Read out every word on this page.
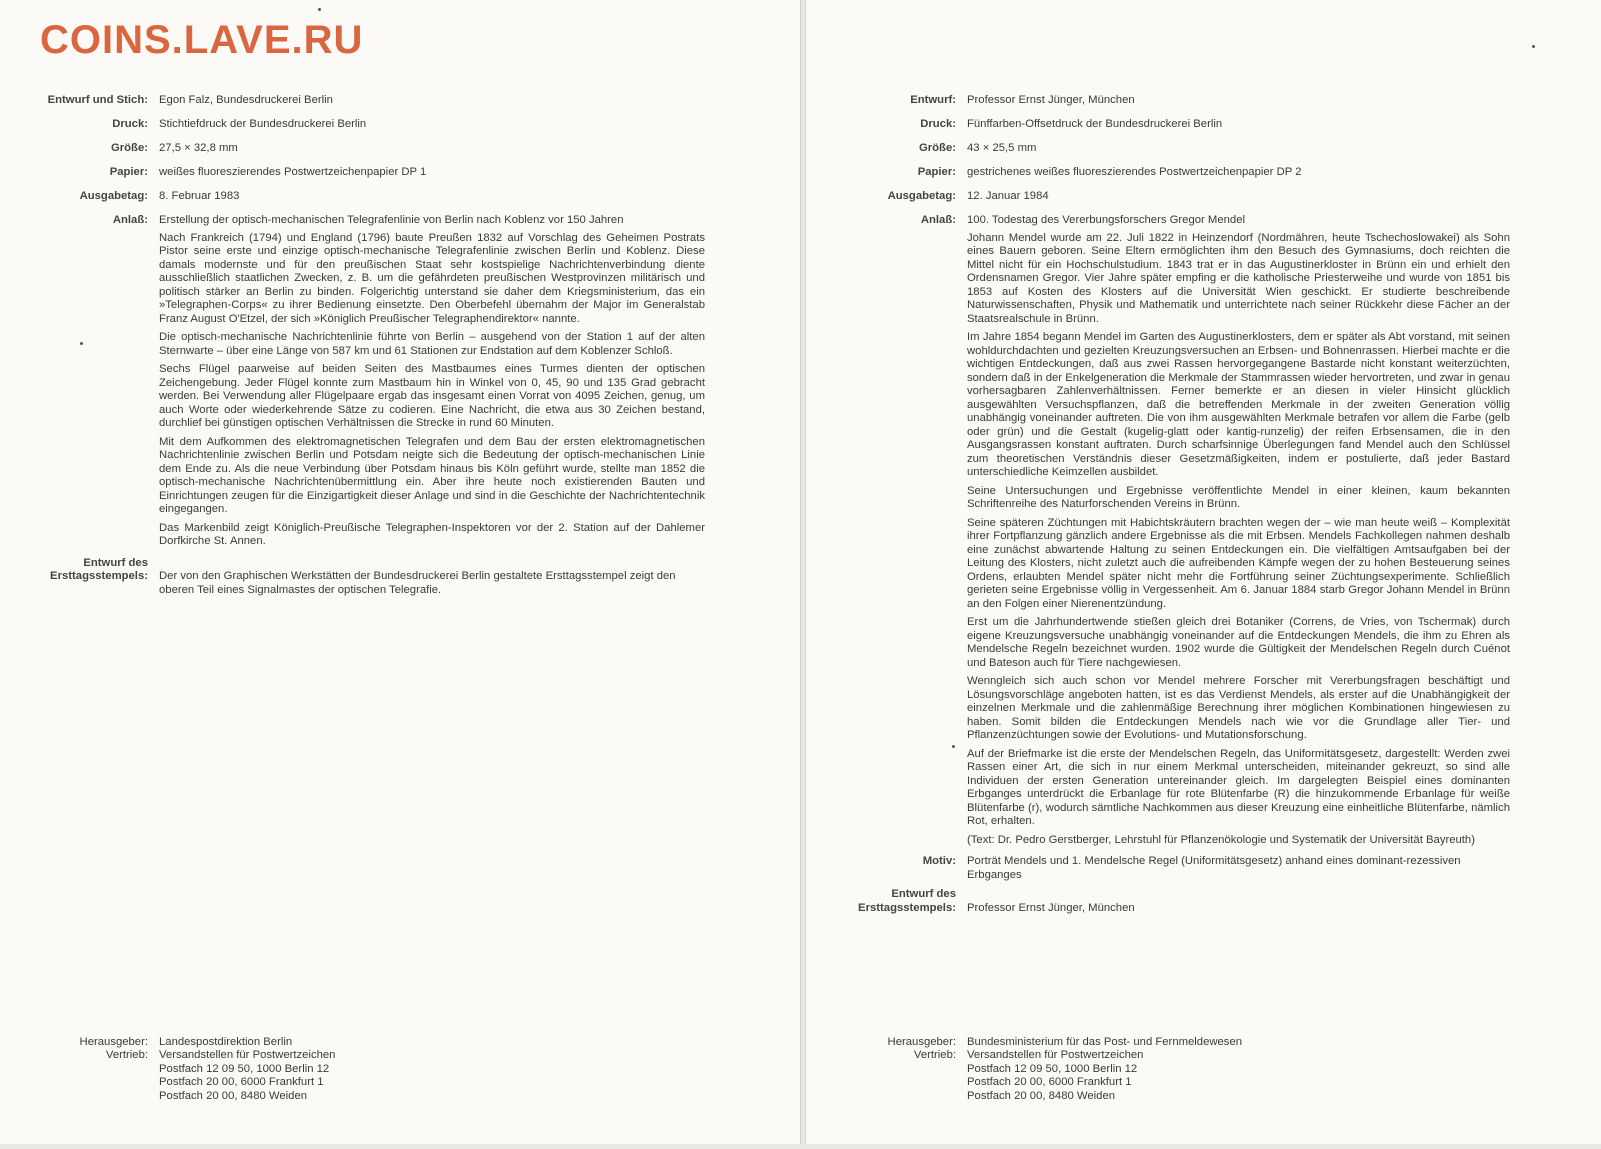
COINS.LAVE.RU
Entwurf und Stich: Egon Falz, Bundesdruckerei Berlin
Druck: Stichtiefdruck der Bundesdruckerei Berlin
Größe: 27,5 × 32,8 mm
Papier: weißes fluoreszierendes Postwertzeichenpapier DP 1
Ausgabetag: 8. Februar 1983
Anlaß: Erstellung der optisch-mechanischen Telegrafenlinie von Berlin nach Koblenz vor 150 Jahren

Nach Frankreich (1794) und England (1796) baute Preußen 1832 auf Vorschlag des Geheimen Postrats Pistor seine erste und einzige optisch-mechanische Telegrafenlinie zwischen Berlin und Koblenz. Diese damals modernste und für den preußischen Staat sehr kostspielige Nachrichtenverbindung diente ausschließlich staatlichen Zwecken, z. B. um die gefährdeten preußischen Westprovinzen militärisch und politisch stärker an Berlin zu binden. Folgerichtig unterstand sie daher dem Kriegsministerium, das ein »Telegraphen-Corps« zu ihrer Bedienung einsetzte. Den Oberbefehl übernahm der Major im Generalstab Franz August O'Etzel, der sich »Königlich Preußischer Telegraphendirektor« nannte.

Die optisch-mechanische Nachrichtenlinie führte von Berlin – ausgehend von der Station 1 auf der alten Sternwarte – über eine Länge von 587 km und 61 Stationen zur Endstation auf dem Koblenzer Schloß.

Sechs Flügel paarweise auf beiden Seiten des Mastbaumes eines Turmes dienten der optischen Zeichengebung. Jeder Flügel konnte zum Mastbaum hin in Winkel von 0, 45, 90 und 135 Grad gebracht werden. Bei Verwendung aller Flügelpaare ergab das insgesamt einen Vorrat von 4095 Zeichen, genug, um auch Worte oder wiederkehrende Sätze zu codieren. Eine Nachricht, die etwa aus 30 Zeichen bestand, durchlief bei günstigen optischen Verhältnissen die Strecke in rund 60 Minuten.

Mit dem Aufkommen des elektromagnetischen Telegrafen und dem Bau der ersten elektromagnetischen Nachrichtenlinie zwischen Berlin und Potsdam neigte sich die Bedeutung der optisch-mechanischen Linie dem Ende zu. Als die neue Verbindung über Potsdam hinaus bis Köln geführt wurde, stellte man 1852 die optisch-mechanische Nachrichtenübermittlung ein. Aber ihre heute noch existierenden Bauten und Einrichtungen zeugen für die Einzigartigkeit dieser Anlage und sind in die Geschichte der Nachrichtentechnik eingegangen.

Das Markenbild zeigt Königlich-Preußische Telegraphen-Inspektoren vor der 2. Station auf der Dahlemer Dorfkirche St. Annen.

Entwurf des
Ersttagsstempels: Der von den Graphischen Werkstätten der Bundesdruckerei Berlin gestaltete Ersttagsstempel zeigt den oberen Teil eines Signalmastes der optischen Telegrafie.
Herausgeber:
Vertrieb:
Landespostdirektion Berlin
Versandstellen für Postwertzeichen
Postfach 12 09 50, 1000 Berlin 12
Postfach 20 00, 6000 Frankfurt 1
Postfach 20 00, 8480 Weiden
Entwurf: Professor Ernst Jünger, München
Druck: Fünffarben-Offsetdruck der Bundesdruckerei Berlin
Größe: 43 × 25,5 mm
Papier: gestrichenes weißes fluoreszierendes Postwertzeichenpapier DP 2
Ausgabetag: 12. Januar 1984
Anlaß: 100. Todestag des Vererbungsforschers Gregor Mendel

Johann Mendel wurde am 22. Juli 1822 in Heinzendorf (Nordmähren, heute Tschechoslowakei) als Sohn eines Bauern geboren. Seine Eltern ermöglichten ihm den Besuch des Gymnasiums, doch reichten die Mittel nicht für ein Hochschulstudium. 1843 trat er in das Augustinerkloster in Brünn ein und erhielt den Ordensnamen Gregor. Vier Jahre später empfing er die katholische Priesterweihe und wurde von 1851 bis 1853 auf Kosten des Klosters auf die Universität Wien geschickt. Er studierte beschreibende Naturwissenschaften, Physik und Mathematik und unterrichtete nach seiner Rückkehr diese Fächer an der Staatsrealschule in Brünn.

Im Jahre 1854 begann Mendel im Garten des Augustinerklosters, dem er später als Abt vorstand, mit seinen wohldurchdachten und gezielten Kreuzungsversuchen an Erbsen- und Bohnenrassen. Hierbei machte er die wichtigen Entdeckungen, daß aus zwei Rassen hervorgegangene Bastarde nicht konstant weiterzüchten, sondern daß in der Enkelgeneration die Merkmale der Stammrassen wieder hervortreten, und zwar in genau vorhersagbaren Zahlenverhältnissen. Ferner bemerkte er an diesen in vieler Hinsicht glücklich ausgewählten Versuchspflanzen, daß die betreffenden Merkmale in der zweiten Generation völlig unabhängig voneinander auftreten. Die von ihm ausgewählten Merkmale betrafen vor allem die Farbe (gelb oder grün) und die Gestalt (kugelig-glatt oder kantig-runzelig) der reifen Erbsensamen, die in den Ausgangsrassen konstant auftraten. Durch scharfsinnige Überlegungen fand Mendel auch den Schlüssel zum theoretischen Verständnis dieser Gesetzmäßigkeiten, indem er postulierte, daß jeder Bastard unterschiedliche Keimzellen ausbildet.

Seine Untersuchungen und Ergebnisse veröffentlichte Mendel in einer kleinen, kaum bekannten Schriftenreihe des Naturforschenden Vereins in Brünn.

Seine späteren Züchtungen mit Habichtskräutern brachten wegen der – wie man heute weiß – Komplexität ihrer Fortpflanzung gänzlich andere Ergebnisse als die mit Erbsen. Mendels Fachkollegen nahmen deshalb eine zunächst abwartende Haltung zu seinen Entdeckungen ein. Die vielfältigen Amtsaufgaben bei der Leitung des Klosters, nicht zuletzt auch die aufreibenden Kämpfe wegen der zu hohen Besteuerung seines Ordens, erlaubten Mendel später nicht mehr die Fortführung seiner Züchtungsexperimente. Schließlich gerieten seine Ergebnisse völlig in Vergessenheit. Am 6. Januar 1884 starb Gregor Johann Mendel in Brünn an den Folgen einer Nierenentzündung.

Erst um die Jahrhundertwende stießen gleich drei Botaniker (Correns, de Vries, von Tschermak) durch eigene Kreuzungsversuche unabhängig voneinander auf die Entdeckungen Mendels, die ihm zu Ehren als Mendelsche Regeln bezeichnet wurden. 1902 wurde die Gültigkeit der Mendelschen Regeln durch Cuénot und Bateson auch für Tiere nachgewiesen.

Wenngleich sich auch schon vor Mendel mehrere Forscher mit Vererbungsfragen beschäftigt und Lösungsvorschläge angeboten hatten, ist es das Verdienst Mendels, als erster auf die Unabhängigkeit der einzelnen Merkmale und die zahlenmäßige Berechnung ihrer möglichen Kombinationen hingewiesen zu haben. Somit bilden die Entdeckungen Mendels nach wie vor die Grundlage aller Tier- und Pflanzenzüchtungen sowie der Evolutions- und Mutationsforschung.

Auf der Briefmarke ist die erste der Mendelschen Regeln, das Uniformitätsgesetz, dargestellt: Werden zwei Rassen einer Art, die sich in nur einem Merkmal unterscheiden, miteinander gekreuzt, so sind alle Individuen der ersten Generation untereinander gleich. Im dargelegten Beispiel eines dominanten Erbganges unterdrückt die Erbanlage für rote Blütenfarbe (R) die hinzukommende Erbanlage für weiße Blütenfarbe (r), wodurch sämtliche Nachkommen aus dieser Kreuzung eine einheitliche Blütenfarbe, nämlich Rot, erhalten.

(Text: Dr. Pedro Gerstberger, Lehrstuhl für Pflanzenökologie und Systematik der Universität Bayreuth)

Motiv: Porträt Mendels und 1. Mendelsche Regel (Uniformitätsgesetz) anhand eines dominant-rezessiven Erbganges
Entwurf des
Ersttagsstempels: Professor Ernst Jünger, München
Herausgeber:
Vertrieb:
Bundesministerium für das Post- und Fernmeldewesen
Versandstellen für Postwertzeichen
Postfach 12 09 50, 1000 Berlin 12
Postfach 20 00, 6000 Frankfurt 1
Postfach 20 00, 8480 Weiden
